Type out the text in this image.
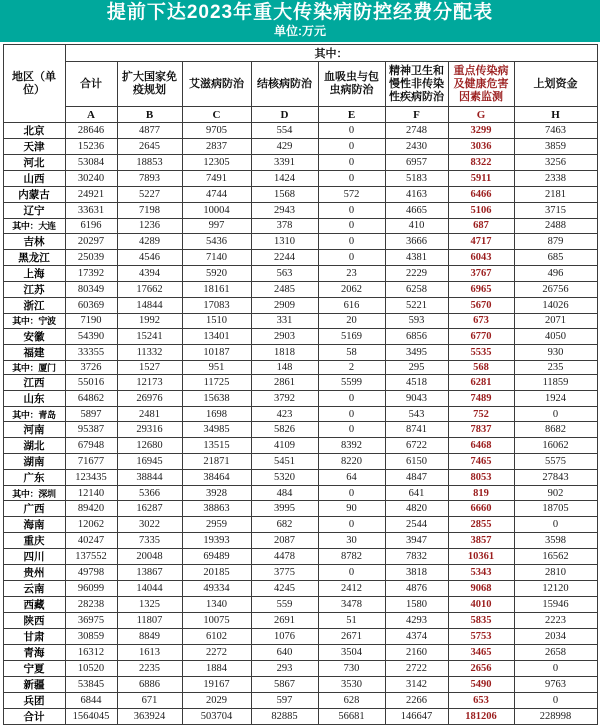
提前下达2023年重大传染病防控经费分配表
单位:万元
地区（单位）	其中：							
	合计	扩大国家免疫规划	艾滋病防治	结核病防治	血吸虫与包虫病防治	精神卫生和慢性非传染性疾病防治	重点传染病及健康危害因素监测	上划资金
	A	B	C	D	E	F	G	H
北京	28646	4877	9705	554	0	2748	3299	7463
天津	15236	2645	2837	429	0	2430	3036	3859
河北	53084	18853	12305	3391	0	6957	8322	3256
山西	30240	7893	7491	1424	0	5183	5911	2338
内蒙古	24921	5227	4744	1568	572	4163	6466	2181
辽宁	33631	7198	10004	2943	0	4665	5106	3715
其中：大连	6196	1236	997	378	0	410	687	2488
吉林	20297	4289	5436	1310	0	3666	4717	879
黑龙江	25039	4546	7140	2244	0	4381	6043	685
上海	17392	4394	5920	563	23	2229	3767	496
江苏	80349	17662	18161	2485	2062	6258	6965	26756
浙江	60369	14844	17083	2909	616	5221	5670	14026
其中：宁波	7190	1992	1510	331	20	593	673	2071
安徽	54390	15241	13401	2903	5169	6856	6770	4050
福建	33355	11332	10187	1818	58	3495	5535	930
其中：厦门	3726	1527	951	148	2	295	568	235
江西	55016	12173	11725	2861	5599	4518	6281	11859
山东	64862	26976	15638	3792	0	9043	7489	1924
其中：青岛	5897	2481	1698	423	0	543	752	0
河南	95387	29316	34985	5826	0	8741	7837	8682
湖北	67948	12680	13515	4109	8392	6722	6468	16062
湖南	71677	16945	21871	5451	8220	6150	7465	5575
广东	123435	38844	38464	5320	64	4847	8053	27843
其中：深圳	12140	5366	3928	484	0	641	819	902
广西	89420	16287	38863	3995	90	4820	6660	18705
海南	12062	3022	2959	682	0	2544	2855	0
重庆	40247	7335	19393	2087	30	3947	3857	3598
四川	137552	20048	69489	4478	8782	7832	10361	16562
贵州	49798	13867	20185	3775	0	3818	5343	2810
云南	96099	14044	49334	4245	2412	4876	9068	12120
西藏	28238	1325	1340	559	3478	1580	4010	15946
陕西	36975	11807	10075	2691	51	4293	5835	2223
甘肃	30859	8849	6102	1076	2671	4374	5753	2034
青海	16312	1613	2272	640	3504	2160	3465	2658
宁夏	10520	2235	1884	293	730	2722	2656	0
新疆	53845	6886	19167	5867	3530	3142	5490	9763
兵团	6844	671	2029	597	628	2266	653	0
合计	1564045	363924	503704	82885	56681	146647	181206	228998
